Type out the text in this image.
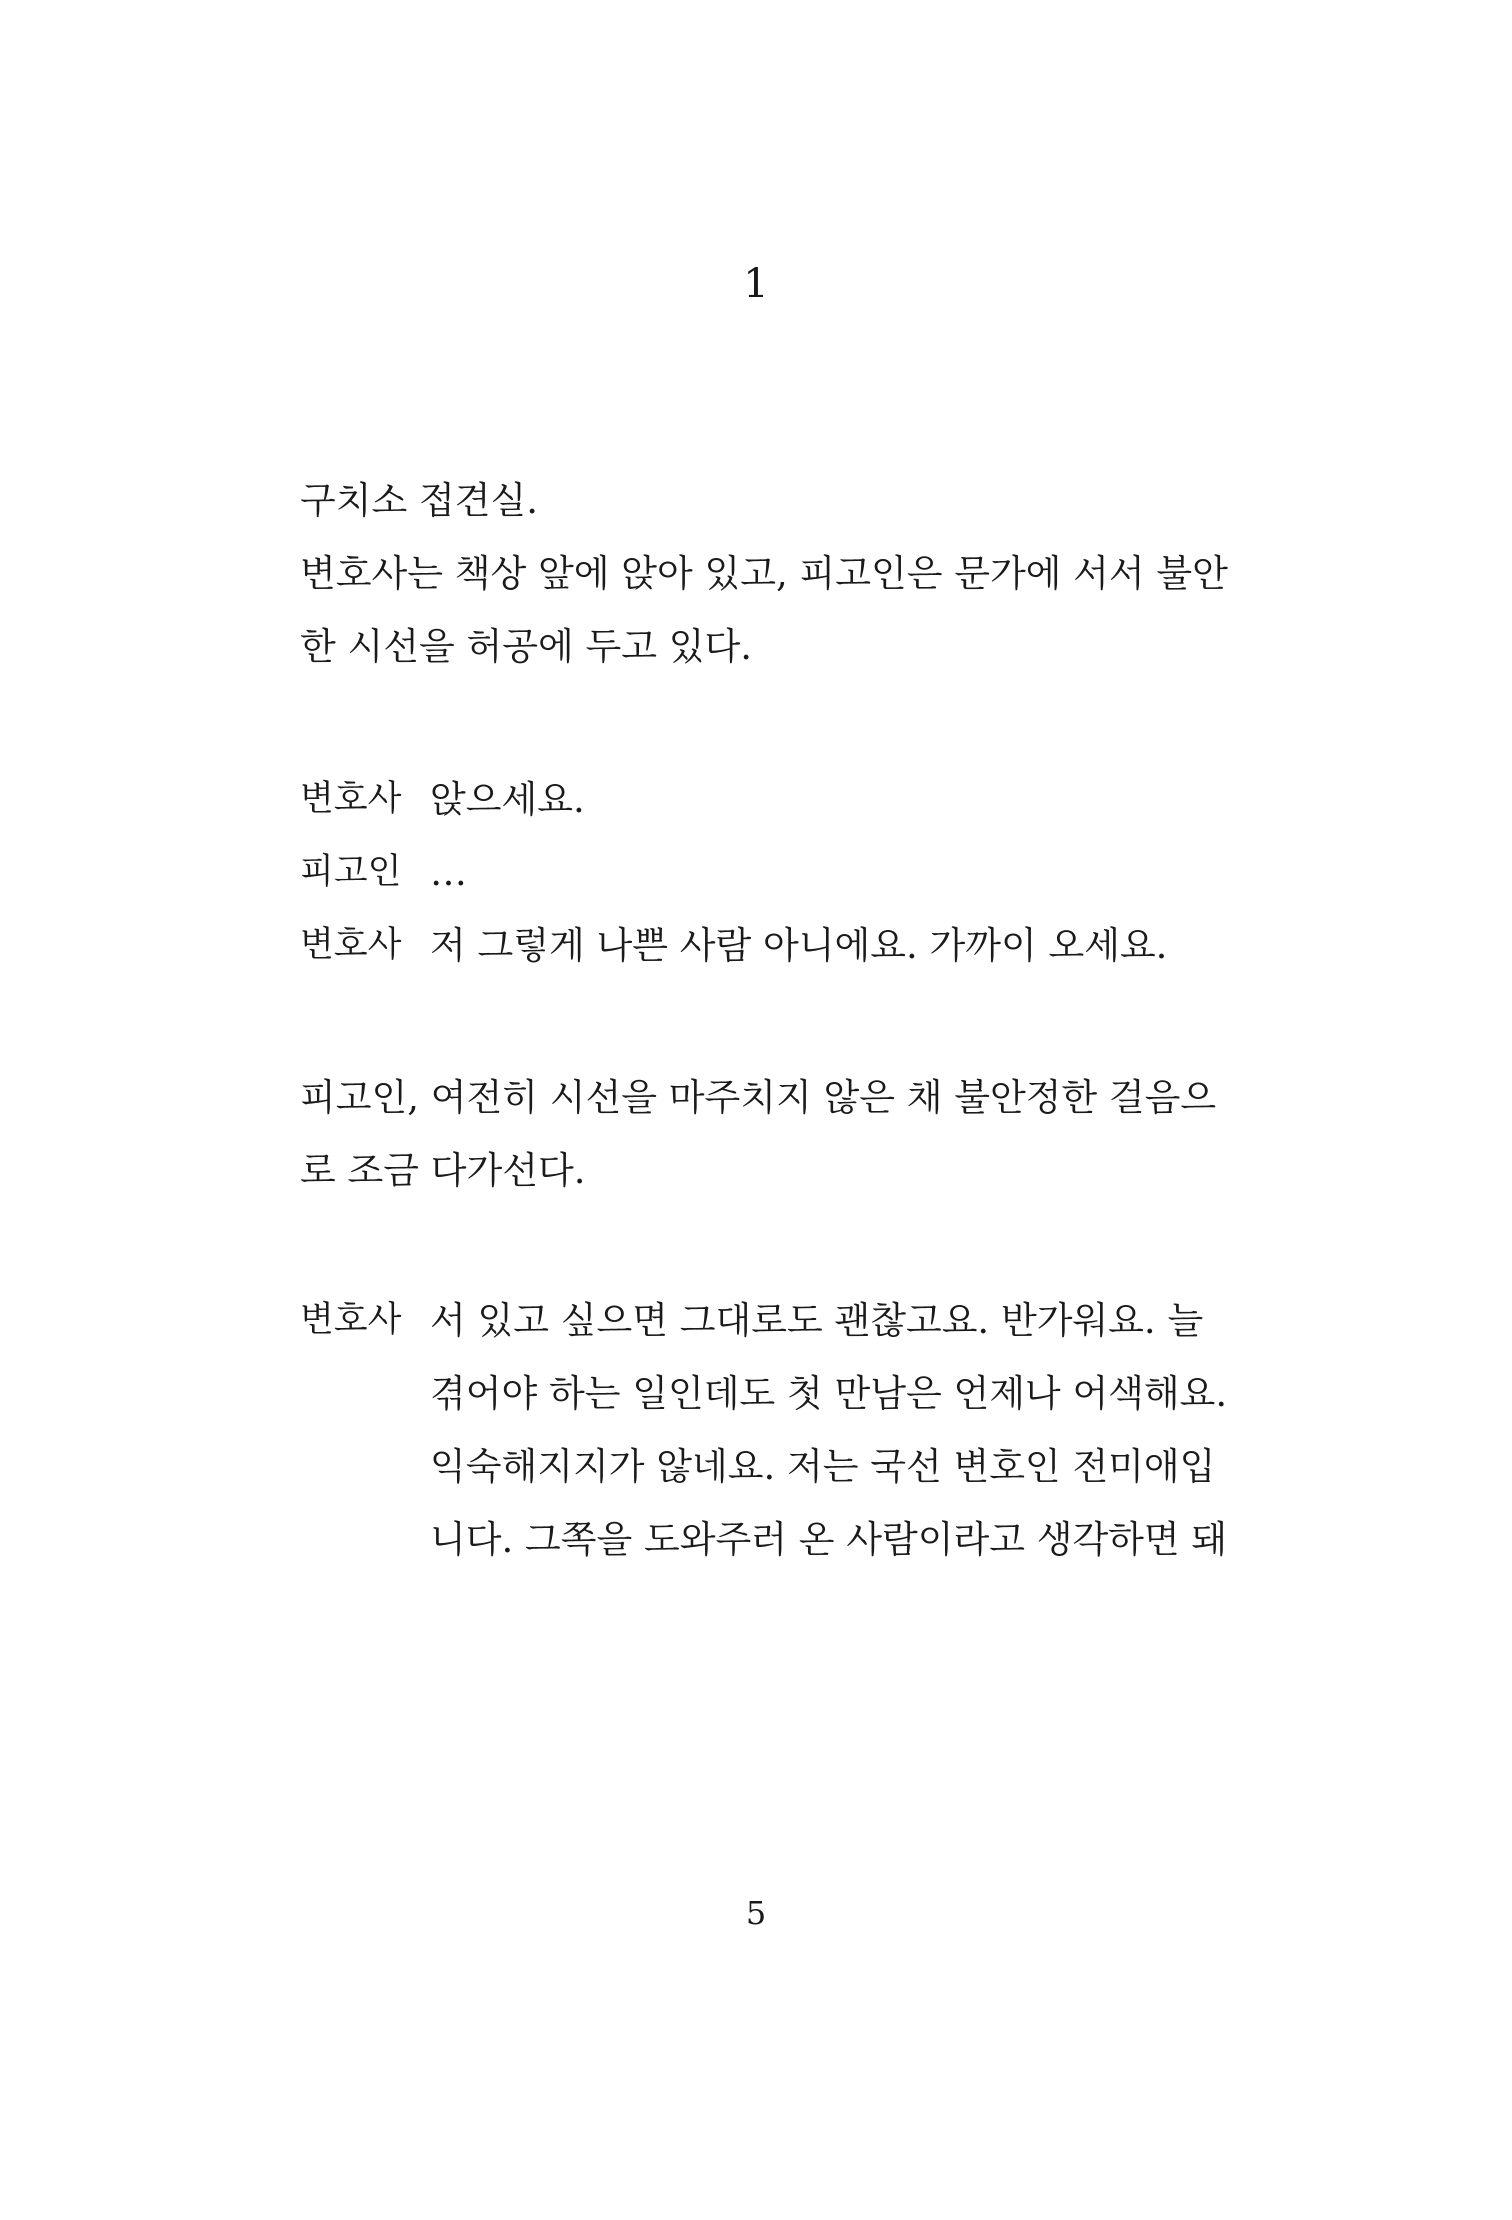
1
구치소 접견실.
변호사는 책상 앞에 앉아 있고, 피고인은 문가에 서서 불안
한 시선을 허공에 두고 있다.
변호사 앉으세요.
피고인 …
변호사 저 그렇게 나쁜 사람 아니에요. 가까이 오세요.
피고인, 여전히 시선을 마주치지 않은 채 불안정한 걸음으
로 조금 다가선다.
변호사 서 있고 싶으면 그대로도 괜찮고요. 반가워요. 늘
겪어야 하는 일인데도 첫 만남은 언제나 어색해요.
익숙해지지가 않네요. 저는 국선 변호인 전미애입
니다. 그쪽을 도와주러 온 사람이라고 생각하면 돼
5
